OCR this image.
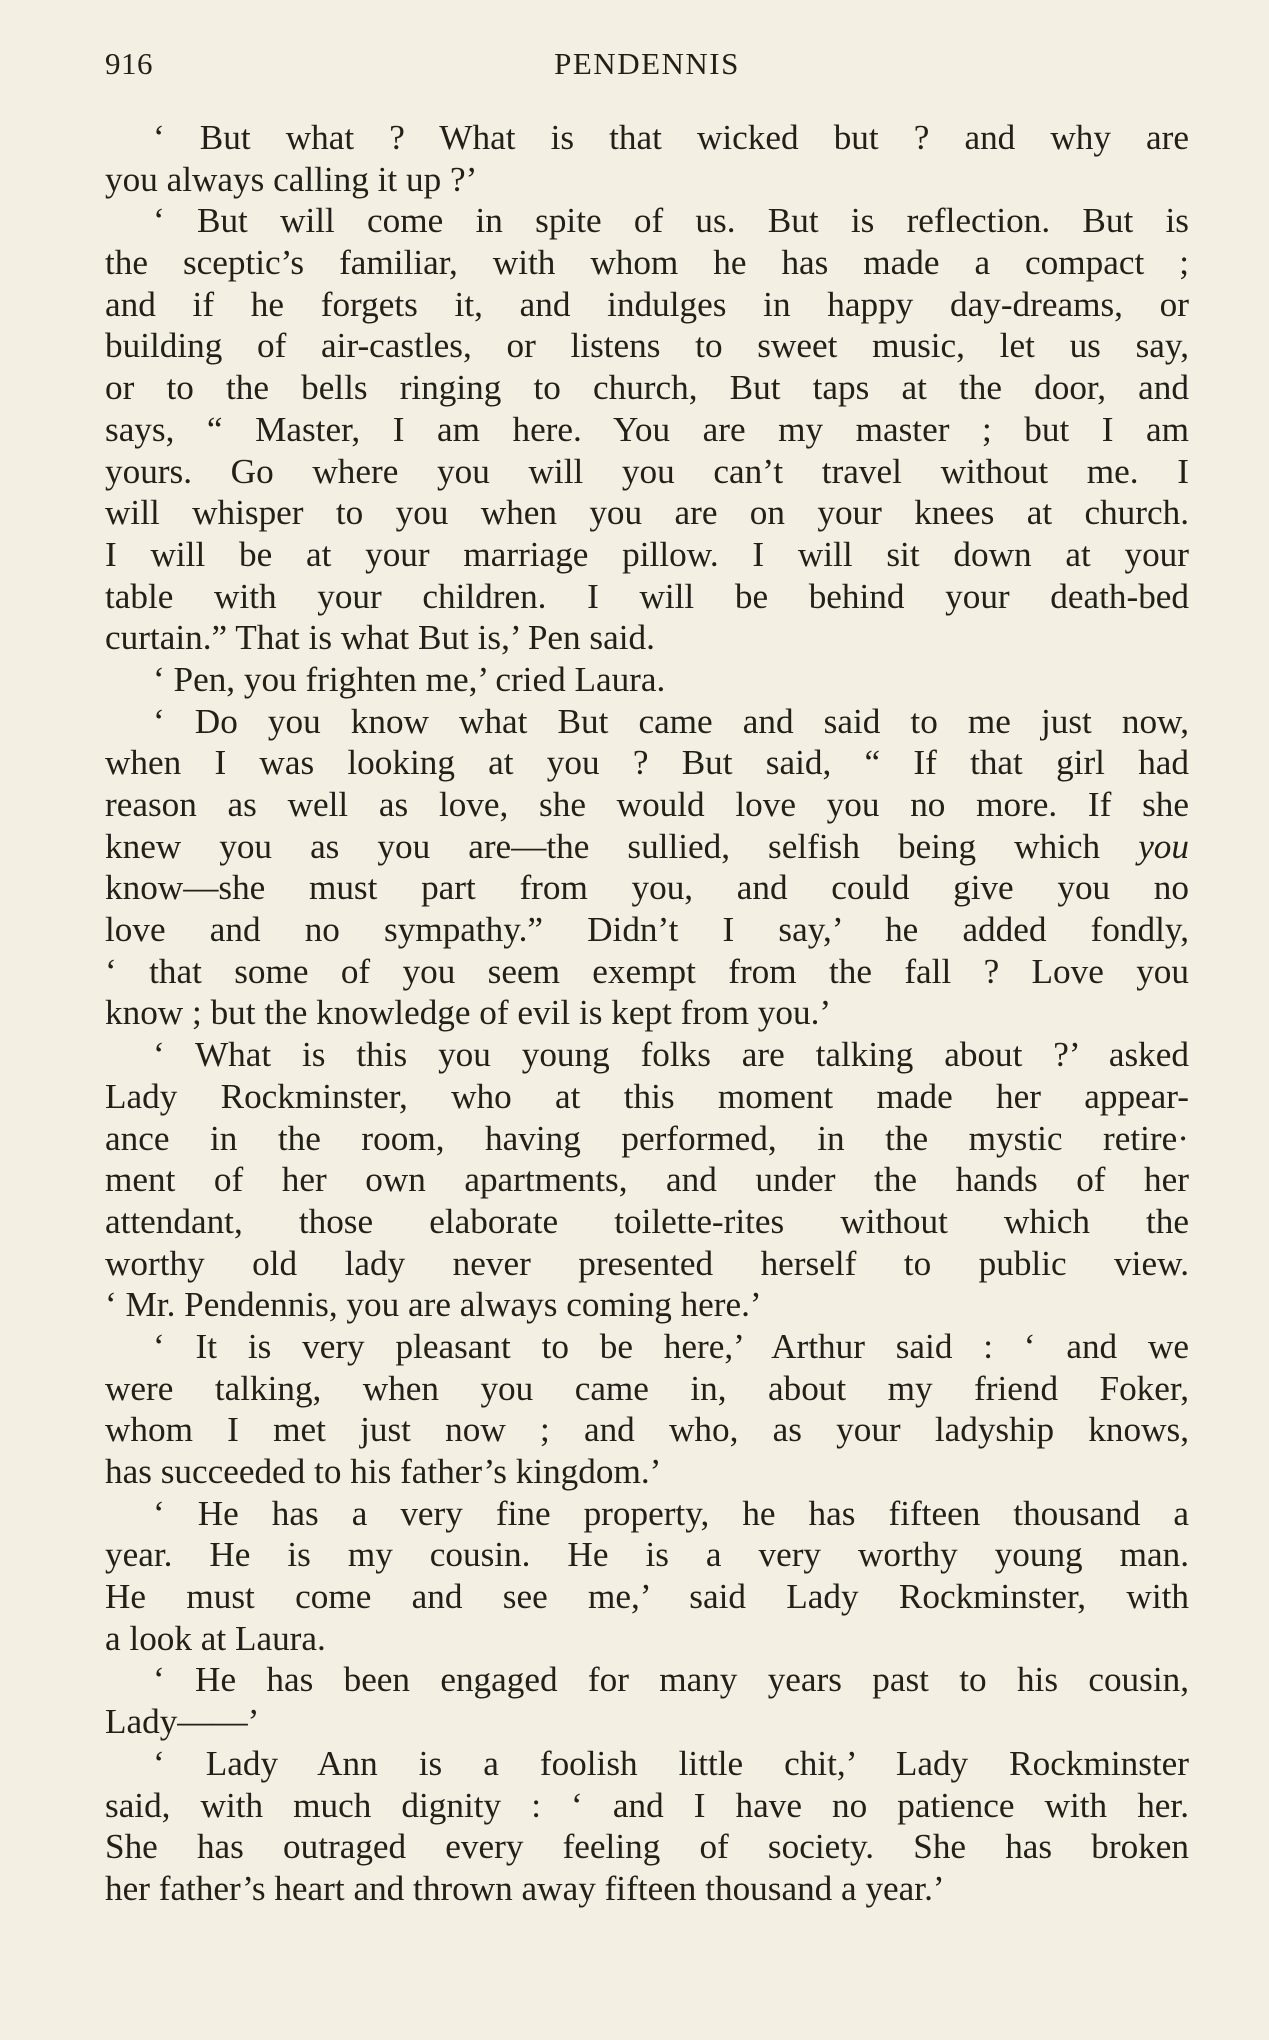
916	PENDENNIS
‘ But what ? What is that wicked but ? and why are
you always calling it up ?’
‘ But will come in spite of us. But is reflection. But is
the sceptic’s familiar, with whom he has made a compact ;
and if he forgets it, and indulges in happy day-dreams, or
building of air-castles, or listens to sweet music, let us say,
or to the bells ringing to church, But taps at the door, and
says, “ Master, I am here. You are my master ; but I am
yours. Go where you will you can’t travel without me. I
will whisper to you when you are on your knees at church.
I will be at your marriage pillow. I will sit down at your
table with your children. I will be behind your death-bed
curtain.” That is what But is,’ Pen said.
‘ Pen, you frighten me,’ cried Laura.
‘ Do you know what But came and said to me just now,
when I was looking at you ? But said, “ If that girl had
reason as well as love, she would love you no more. If she
knew you as you are—the sullied, selfish being which you
know—she must part from you, and could give you no
love and no sympathy.” Didn’t I say,’ he added fondly,
‘ that some of you seem exempt from the fall ? Love you
know ; but the knowledge of evil is kept from you.’
‘ What is this you young folks are talking about ?’ asked
Lady Rockminster, who at this moment made her appear-
ance in the room, having performed, in the mystic retire·
ment of her own apartments, and under the hands of her
attendant, those elaborate toilette-rites without which the
worthy old lady never presented herself to public view.
‘ Mr. Pendennis, you are always coming here.’
‘ It is very pleasant to be here,’ Arthur said : ‘ and we
were talking, when you came in, about my friend Foker,
whom I met just now ; and who, as your ladyship knows,
has succeeded to his father’s kingdom.’
‘ He has a very fine property, he has fifteen thousand a
year. He is my cousin. He is a very worthy young man.
He must come and see me,’ said Lady Rockminster, with
a look at Laura.
‘ He has been engaged for many years past to his cousin,
Lady——’
‘ Lady Ann is a foolish little chit,’ Lady Rockminster
said, with much dignity : ‘ and I have no patience with her.
She has outraged every feeling of society. She has broken
her father’s heart and thrown away fifteen thousand a year.’
